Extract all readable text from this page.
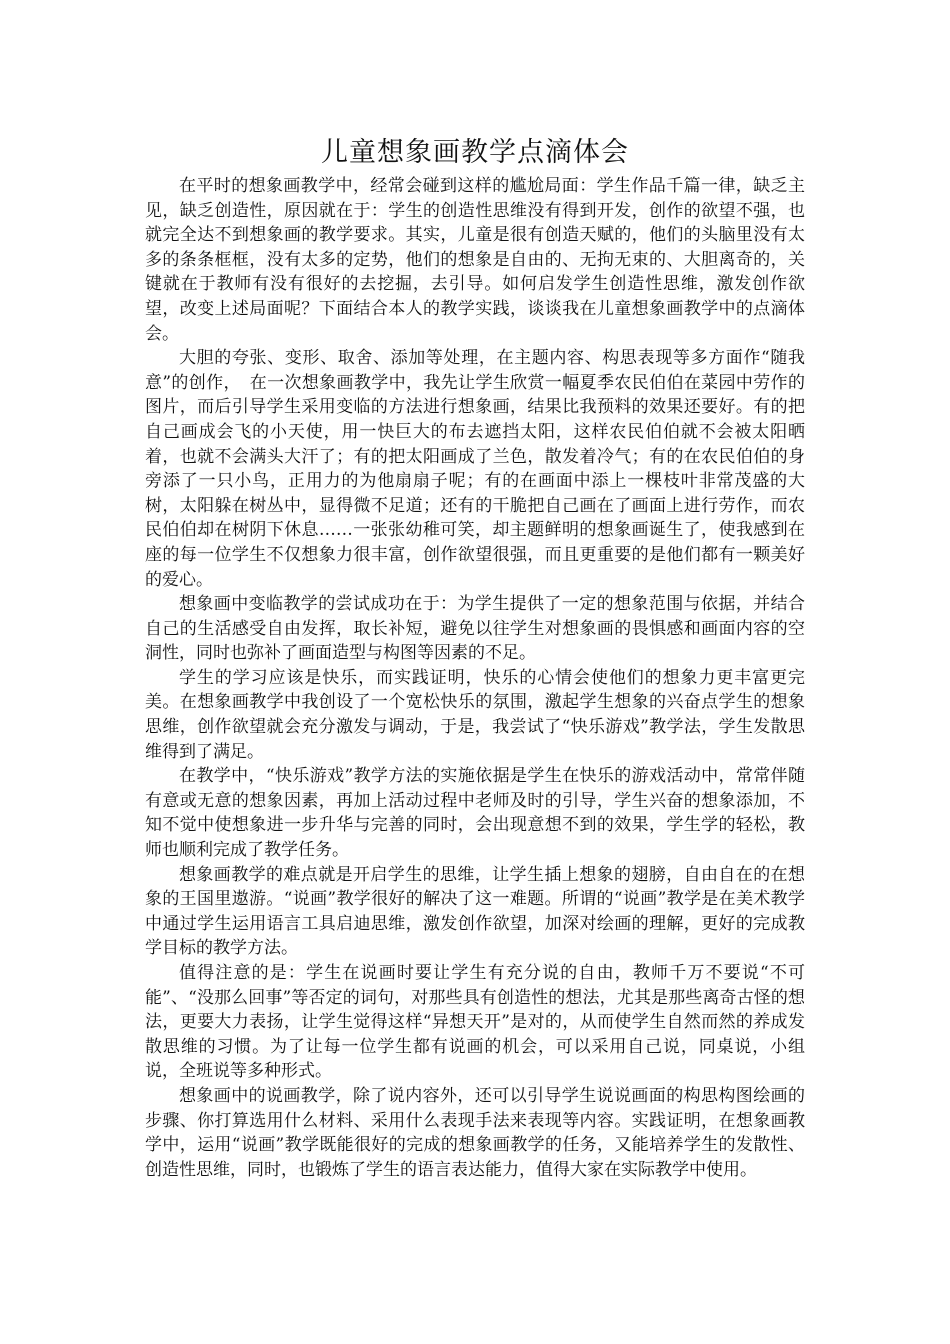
儿童想象画教学点滴体会

在平时的想象画教学中，经常会碰到这样的尴尬局面：学生作品千篇一律，缺乏主见，缺乏创造性，原因就在于：学生的创造性思维没有得到开发，创作的欲望不强，也就完全达不到想象画的教学要求。其实，儿童是很有创造天赋的，他们的头脑里没有太多的条条框框，没有太多的定势，他们的想象是自由的、无拘无束的、大胆离奇的，关键就在于教师有没有很好的去挖掘，去引导。如何启发学生创造性思维，激发创作欲望，改变上述局面呢？下面结合本人的教学实践，谈谈我在儿童想象画教学中的点滴体会。

大胆的夸张、变形、取舍、添加等处理，在主题内容、构思表现等多方面作“随我意”的创作，　在一次想象画教学中，我先让学生欣赏一幅夏季农民伯伯在菜园中劳作的图片，而后引导学生采用变临的方法进行想象画，结果比我预料的效果还要好。有的把自己画成会飞的小天使，用一快巨大的布去遮挡太阳，这样农民伯伯就不会被太阳晒着，也就不会满头大汗了；有的把太阳画成了兰色，散发着冷气；有的在农民伯伯的身旁添了一只小鸟，正用力的为他扇扇子呢；有的在画面中添上一棵枝叶非常茂盛的大树，太阳躲在树丛中，显得微不足道；还有的干脆把自己画在了画面上进行劳作，而农民伯伯却在树阴下休息……一张张幼稚可笑，却主题鲜明的想象画诞生了，使我感到在座的每一位学生不仅想象力很丰富，创作欲望很强，而且更重要的是他们都有一颗美好的爱心。

想象画中变临教学的尝试成功在于：为学生提供了一定的想象范围与依据，并结合自己的生活感受自由发挥，取长补短，避免以往学生对想象画的畏惧感和画面内容的空洞性，同时也弥补了画面造型与构图等因素的不足。

学生的学习应该是快乐，而实践证明，快乐的心情会使他们的想象力更丰富更完美。在想象画教学中我创设了一个宽松快乐的氛围，激起学生想象的兴奋点学生的想象思维，创作欲望就会充分激发与调动，于是，我尝试了“快乐游戏”教学法，学生发散思维得到了满足。

在教学中，“快乐游戏”教学方法的实施依据是学生在快乐的游戏活动中，常常伴随有意或无意的想象因素，再加上活动过程中老师及时的引导，学生兴奋的想象添加，不知不觉中使想象进一步升华与完善的同时，会出现意想不到的效果，学生学的轻松，教师也顺利完成了教学任务。

想象画教学的难点就是开启学生的思维，让学生插上想象的翅膀，自由自在的在想象的王国里遨游。“说画”教学很好的解决了这一难题。所谓的“说画”教学是在美术教学中通过学生运用语言工具启迪思维，激发创作欲望，加深对绘画的理解，更好的完成教学目标的教学方法。

值得注意的是：学生在说画时要让学生有充分说的自由，教师千万不要说“不可能”、“没那么回事”等否定的词句，对那些具有创造性的想法，尤其是那些离奇古怪的想法，更要大力表扬，让学生觉得这样“异想天开”是对的，从而使学生自然而然的养成发散思维的习惯。为了让每一位学生都有说画的机会，可以采用自己说，同桌说，小组说，全班说等多种形式。

想象画中的说画教学，除了说内容外，还可以引导学生说说画面的构思构图绘画的步骤、你打算选用什么材料、采用什么表现手法来表现等内容。实践证明，在想象画教学中，运用“说画”教学既能很好的完成的想象画教学的任务，又能培养学生的发散性、创造性思维，同时，也锻炼了学生的语言表达能力，值得大家在实际教学中使用。
